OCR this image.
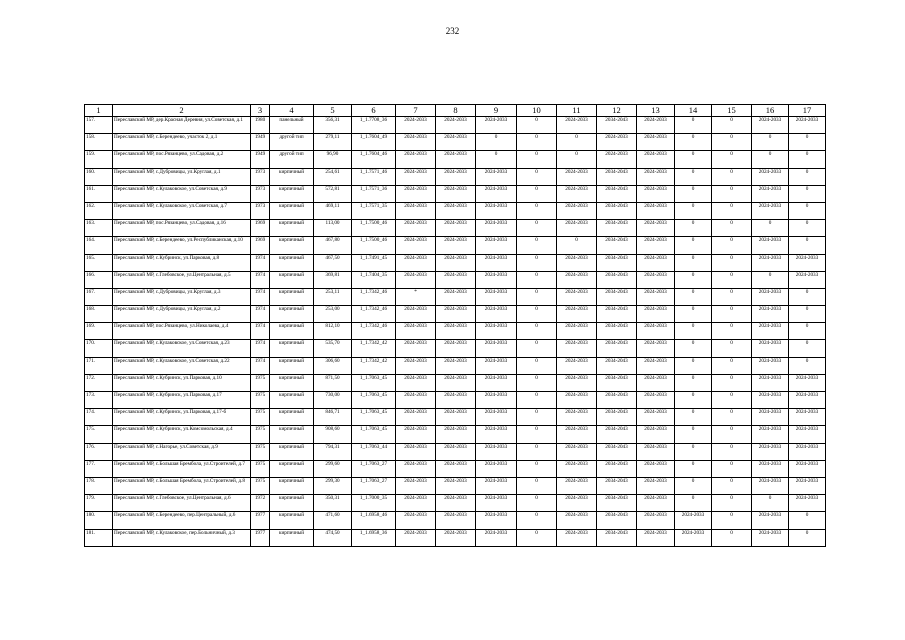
232
1	2	3	4	5	6	7	8	9	10	11	12	13	14	15	16	17
157.	Переславский МР, дер.Красная Деревня, ул.Советская, д.1	1980	панельный	356,31	1_1.7708_36	2024-2033	2024-2033	2024-2033	0	2024-2033	2034-2043	2024-2033	0	0	2024-2033	2024-2033
158.	Переславский МР, с.Берендеево, участок 2, д.1	1949	другой тип	279,11	1_1.7604_49	2024-2033	2024-2033	0	0	0	2024-2033	2024-2033	0	0	0	0
159.	Переславский МР, пос.Рязанцево, ул.Садовая, д.2	1949	другой тип	96,90	1_1.7604_46	2024-2033	2024-2033	0	0	0	2024-2033	2024-2033	0	0	0	0
160.	Переславский МР, с.Дубровицы, ул.Круглая, д.1	1973	кирпичный	254,61	1_1.7571_46	2024-2033	2024-2033	2024-2033	0	2024-2033	2034-2043	2024-2033	0	0	2024-2033	0
161.	Переславский МР, с.Кулаковское, ул.Советская, д.9	1973	кирпичный	572,81	1_1.7571_36	2024-2033	2024-2033	2024-2033	0	2024-2033	2034-2043	2024-2033	0	0	2024-2033	0
162.	Переславский МР, с.Кулаковское, ул.Советская, д.7	1973	кирпичный	469,11	1_1.7571_35	2024-2033	2024-2033	2024-2033	0	2024-2033	2034-2043	2024-2033	0	0	2024-2033	0
163.	Переславский МР, пос.Рязанцево, ул.Садовая, д.16	1969	кирпичный	113,00	1_1.7500_46	2024-2033	2024-2033	2024-2033	0	2024-2033	2034-2043	2024-2033	0	0	0	0
164.	Переславский МР, с.Берендеево, ул.Республиканская, д.10	1969	кирпичный	467,80	1_1.7500_46	2024-2033	2024-2033	2024-2033	0	0	2034-2043	2024-2033	0	0	2024-2033	0
165.	Переславский МР, с.Кубринск, ул.Парковая, д.8	1974	кирпичный	467,50	1_1.7491_45	2024-2033	2024-2033	2024-2033	0	2024-2033	2034-2043	2024-2033	0	0	2024-2033	2024-2033
166.	Переславский МР, с.Глебовское, ул.Центральная, д.5	1974	кирпичный	369,81	1_1.7404_35	2024-2033	2024-2033	2024-2033	0	2024-2033	2034-2043	2024-2033	0	0	0	2024-2033
167.	Переславский МР, с.Дубровицы, ул.Круглая, д.3	1974	кирпичный	253,11	1_1.7342_46	*	2024-2033	2024-2033	0	2024-2033	2034-2043	2024-2033	0	0	2024-2033	0
168.	Переславский МР, с.Дубровицы, ул.Круглая, д.2	1974	кирпичный	253,00	1_1.7342_46	2024-2033	2024-2033	2024-2033	0	2024-2033	2034-2043	2024-2033	0	0	2024-2033	0
169.	Переславский МР, пос.Рязанцево, ул.Николаева, д.4	1974	кирпичный	812,10	1_1.7342_46	2024-2033	2024-2033	2024-2033	0	2024-2033	2034-2043	2024-2033	0	0	2024-2033	0
170.	Переславский МР, с.Кулаковское, ул.Советская, д.23	1974	кирпичный	535,70	1_1.7342_42	2024-2033	2024-2033	2024-2033	0	2024-2033	2034-2043	2024-2033	0	0	2024-2033	0
171.	Переславский МР, с.Кулаковское, ул.Советская, д.22	1974	кирпичный	306,60	1_1.7342_42	2024-2033	2024-2033	2024-2033	0	2024-2033	2034-2043	2024-2033	0	0	2024-2033	0
172.	Переславский МР, с.Кубринск, ул.Парковая, д.10	1975	кирпичный	871,50	1_1.7063_45	2024-2033	2024-2033	2024-2033	0	2024-2033	2034-2043	2024-2033	0	0	2024-2033	2024-2033
173.	Переславский МР, с.Кубринск, ул.Парковая, д.17	1975	кирпичный	730,00	1_1.7063_45	2024-2033	2024-2033	2024-2033	0	2024-2033	2034-2043	2024-2033	0	0	2024-2033	2024-2033
174.	Переславский МР, с.Кубринск, ул.Парковая, д.17-б	1975	кирпичный	846,71	1_1.7063_45	2024-2033	2024-2033	2024-2033	0	2024-2033	2034-2043	2024-2033	0	0	2024-2033	2024-2033
175.	Переславский МР, с.Кубринск, ул.Комсомольская, д.4	1975	кирпичный	908,60	1_1.7063_45	2024-2033	2024-2033	2024-2033	0	2024-2033	2034-2043	2024-2033	0	0	2024-2033	2024-2033
176.	Переславский МР, с.Нагорье, ул.Советская, д.9	1975	кирпичный	794,31	1_1.7063_44	2024-2033	2024-2033	2024-2033	0	2024-2033	2034-2043	2024-2033	0	0	2024-2033	2024-2033
177.	Переславский МР, с.Большая Брембола, ул.Строителей, д.7	1975	кирпичный	299,60	1_1.7063_27	2024-2033	2024-2033	2024-2033	0	2024-2033	2034-2043	2024-2033	0	0	2024-2033	2024-2033
178.	Переславский МР, с.Большая Брембола, ул.Строителей, д.8	1975	кирпичный	299,30	1_1.7063_27	2024-2033	2024-2033	2024-2033	0	2024-2033	2034-2043	2024-2033	0	0	2024-2033	2024-2033
179.	Переславский МР, с.Глебовское, ул.Центральная, д.6	1972	кирпичный	350,31	1_1.7000_35	2024-2033	2024-2033	2024-2033	0	2024-2033	2034-2043	2024-2033	0	0	0	2024-2033
180.	Переславский МР, с.Берендеево, пер.Центральный, д.6	1977	кирпичный	471,60	1_1.6958_46	2024-2033	2024-2033	2024-2033	0	2024-2033	2034-2043	2024-2033	2024-2033	0	2024-2033	0
181.	Переславский МР, с.Кулаковское, пер.Больничный, д.3	1977	кирпичный	474,50	1_1.6958_36	2024-2033	2024-2033	2024-2033	0	2024-2033	2034-2043	2024-2033	2024-2033	0	2024-2033	0
